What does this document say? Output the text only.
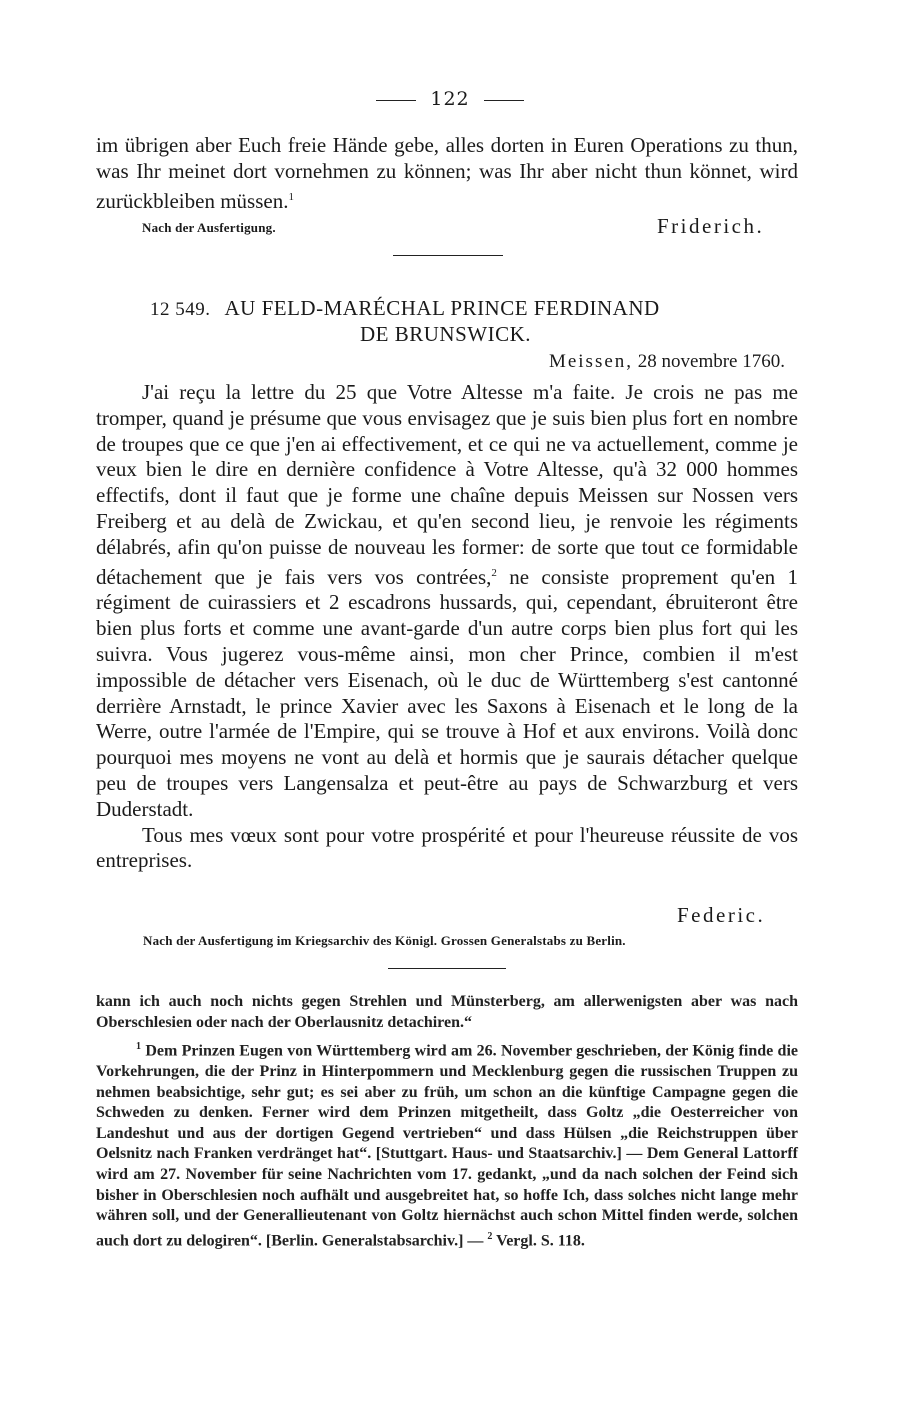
122

im übrigen aber Euch freie Hände gebe, alles dorten in Euren Operations zu thun, was Ihr meinet dort vornehmen zu können; was Ihr aber nicht thun könnet, wird zurückbleiben müssen.$^1$

Nach der Ausfertigung.	Friderich.
12 549. AU FELD-MARÉCHAL PRINCE FERDINAND
DE BRUNSWICK.
Meissen, 28 novembre 1760.

J'ai reçu la lettre du 25 que Votre Altesse m'a faite. Je crois ne pas me tromper, quand je présume que vous envisagez que je suis bien plus fort en nombre de troupes que ce que j'en ai effectivement, et ce qui ne va actuellement, comme je veux bien le dire en dernière confidence à Votre Altesse, qu'à 32 000 hommes effectifs, dont il faut que je forme une chaîne depuis Meissen sur Nossen vers Freiberg et au delà de Zwickau, et qu'en second lieu, je renvoie les régiments délabrés, afin qu'on puisse de nouveau les former: de sorte que tout ce formidable détachement que je fais vers vos contrées,$^2$ ne consiste proprement qu'en 1 régiment de cuirassiers et 2 escadrons hussards, qui, cependant, ébruiteront être bien plus forts et comme une avant-garde d'un autre corps bien plus fort qui les suivra. Vous jugerez vous-même ainsi, mon cher Prince, combien il m'est impossible de détacher vers Eisenach, où le duc de Württemberg s'est cantonné derrière Arnstadt, le prince Xavier avec les Saxons à Eisenach et le long de la Werre, outre l'armée de l'Empire, qui se trouve à Hof et aux environs. Voilà donc pourquoi mes moyens ne vont au delà et hormis que je saurais détacher quelque peu de troupes vers Langensalza et peut-être au pays de Schwarzburg et vers Duderstadt.

Tous mes vœux sont pour votre prospérité et pour l'heureuse réussite de vos entreprises.

Federic.
Nach der Ausfertigung im Kriegsarchiv des Königl. Grossen Generalstabs zu Berlin.

kann ich auch noch nichts gegen Strehlen und Münsterberg, am allerwenigsten aber was nach Oberschlesien oder nach der Oberlausnitz detachiren.“

$^1$ Dem Prinzen Eugen von Württemberg wird am 26. November geschrieben, der König finde die Vorkehrungen, die der Prinz in Hinterpommern und Mecklenburg gegen die russischen Truppen zu nehmen beabsichtige, sehr gut; es sei aber zu früh, um schon an die künftige Campagne gegen die Schweden zu denken. Ferner wird dem Prinzen mitgetheilt, dass Goltz „die Oesterreicher von Landeshut und aus der dortigen Gegend vertrieben“ und dass Hülsen „die Reichstruppen über Oelsnitz nach Franken verdränget hat“. [Stuttgart. Haus- und Staatsarchiv.] — Dem General Lattorff wird am 27. November für seine Nachrichten vom 17. gedankt, „und da nach solchen der Feind sich bisher in Oberschlesien noch aufhält und ausgebreitet hat, so hoffe Ich, dass solches nicht lange mehr währen soll, und der Generallieutenant von Goltz hiernächst auch schon Mittel finden werde, solchen auch dort zu delogiren“. [Berlin. Generalstabsarchiv.] — $^2$ Vergl. S. 118.
